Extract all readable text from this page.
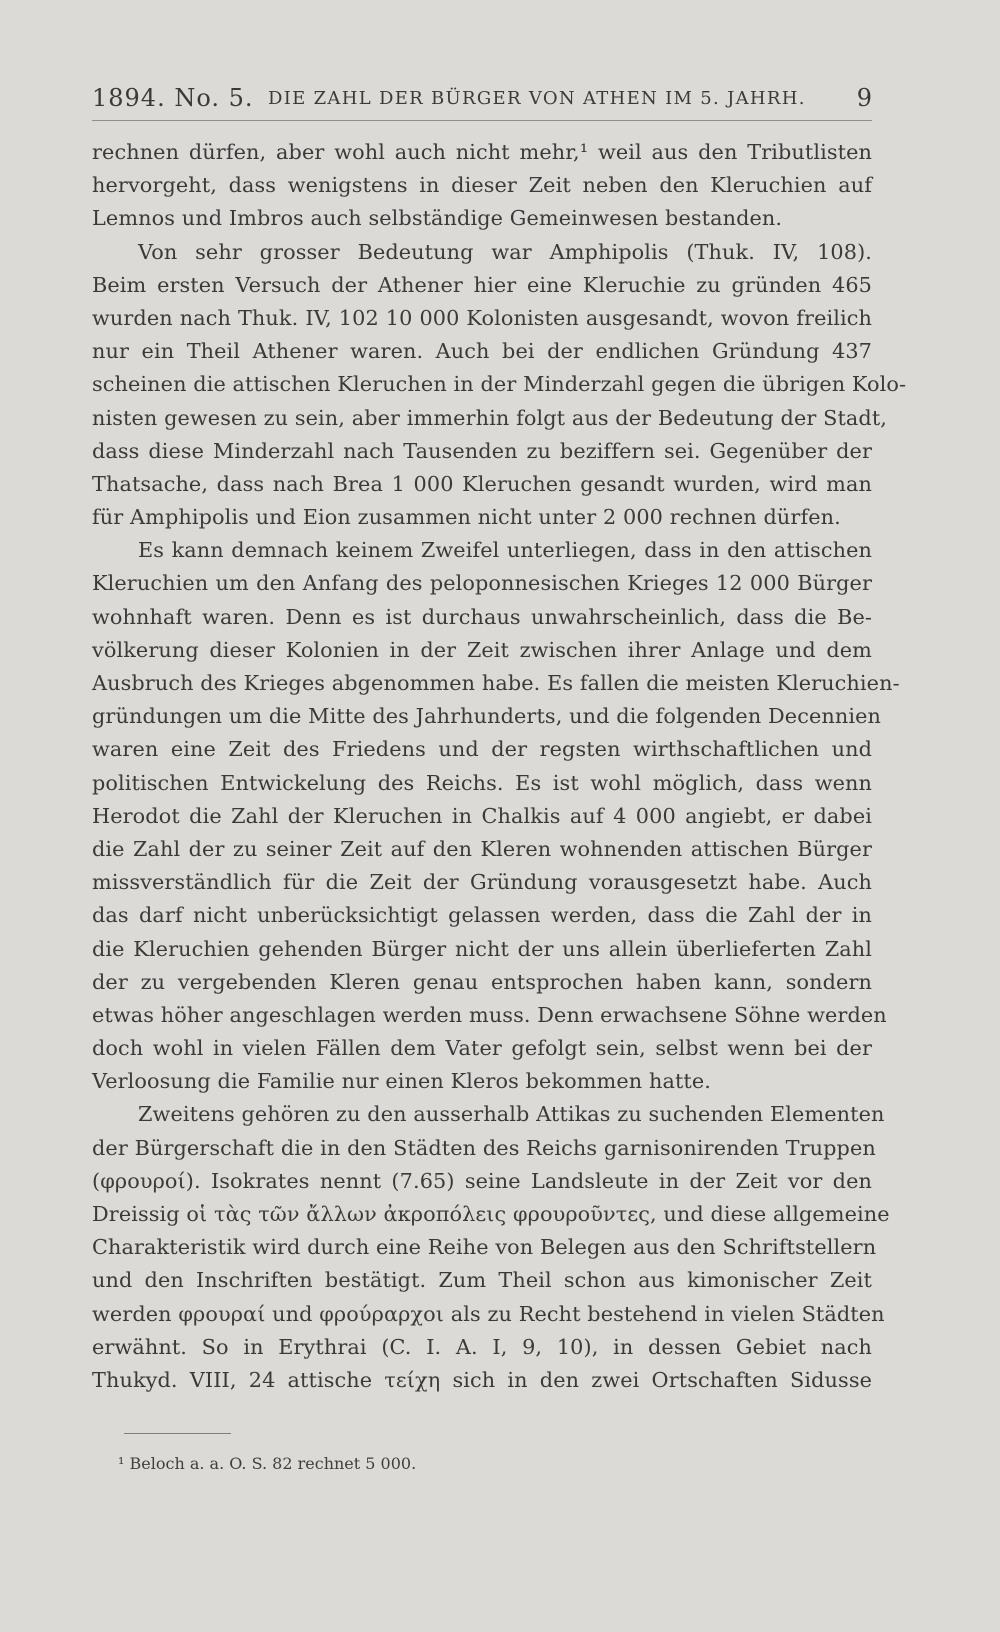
1894. No. 5. DIE ZAHL DER BÜRGER VON ATHEN IM 5. JAHRH. 9
rechnen dürfen, aber wohl auch nicht mehr,¹ weil aus den Tributlisten
hervorgeht, dass wenigstens in dieser Zeit neben den Kleruchien auf
Lemnos und Imbros auch selbständige Gemeinwesen bestanden.
Von sehr grosser Bedeutung war Amphipolis (Thuk. IV, 108).
Beim ersten Versuch der Athener hier eine Kleruchie zu gründen 465
wurden nach Thuk. IV, 102 10 000 Kolonisten ausgesandt, wovon freilich
nur ein Theil Athener waren. Auch bei der endlichen Gründung 437
scheinen die attischen Kleruchen in der Minderzahl gegen die übrigen Kolo-
nisten gewesen zu sein, aber immerhin folgt aus der Bedeutung der Stadt,
dass diese Minderzahl nach Tausenden zu beziffern sei. Gegenüber der
Thatsache, dass nach Brea 1 000 Kleruchen gesandt wurden, wird man
für Amphipolis und Eion zusammen nicht unter 2 000 rechnen dürfen.
Es kann demnach keinem Zweifel unterliegen, dass in den attischen
Kleruchien um den Anfang des peloponnesischen Krieges 12 000 Bürger
wohnhaft waren. Denn es ist durchaus unwahrscheinlich, dass die Be-
völkerung dieser Kolonien in der Zeit zwischen ihrer Anlage und dem
Ausbruch des Krieges abgenommen habe. Es fallen die meisten Kleruchien-
gründungen um die Mitte des Jahrhunderts, und die folgenden Decennien
waren eine Zeit des Friedens und der regsten wirthschaftlichen und
politischen Entwickelung des Reichs. Es ist wohl möglich, dass wenn
Herodot die Zahl der Kleruchen in Chalkis auf 4 000 angiebt, er dabei
die Zahl der zu seiner Zeit auf den Kleren wohnenden attischen Bürger
missverständlich für die Zeit der Gründung vorausgesetzt habe. Auch
das darf nicht unberücksichtigt gelassen werden, dass die Zahl der in
die Kleruchien gehenden Bürger nicht der uns allein überlieferten Zahl
der zu vergebenden Kleren genau entsprochen haben kann, sondern
etwas höher angeschlagen werden muss. Denn erwachsene Söhne werden
doch wohl in vielen Fällen dem Vater gefolgt sein, selbst wenn bei der
Verloosung die Familie nur einen Kleros bekommen hatte.
Zweitens gehören zu den ausserhalb Attikas zu suchenden Elementen
der Bürgerschaft die in den Städten des Reichs garnisonirenden Truppen
(φρουροί). Isokrates nennt (7.65) seine Landsleute in der Zeit vor den
Dreissig οἱ τὰς τῶν ἄλλων ἀκροπόλεις φρουροῦντες, und diese allgemeine
Charakteristik wird durch eine Reihe von Belegen aus den Schriftstellern
und den Inschriften bestätigt. Zum Theil schon aus kimonischer Zeit
werden φρουραί und φρούραρχοι als zu Recht bestehend in vielen Städten
erwähnt. So in Erythrai (C. I. A. I, 9, 10), in dessen Gebiet nach
Thukyd. VIII, 24 attische τείχη sich in den zwei Ortschaften Sidusse
¹ Beloch a. a. O. S. 82 rechnet 5 000.
